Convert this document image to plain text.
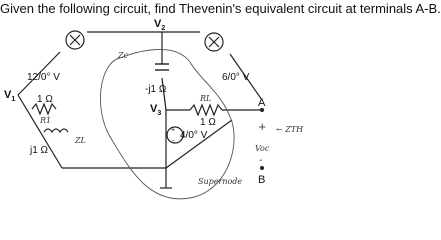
Given the following circuit, find Thevenin's equivalent circuit at terminals A-B.
+
-
$V_1$
$V_2$
$V_3$
A
B
12/0° V	6/0° V
4/0° V
1 Ω
j1 Ω
-j1 Ω
1 Ω
Zc
RL
R1
ZL
+
Voc
-
← ZTH
Supernode
